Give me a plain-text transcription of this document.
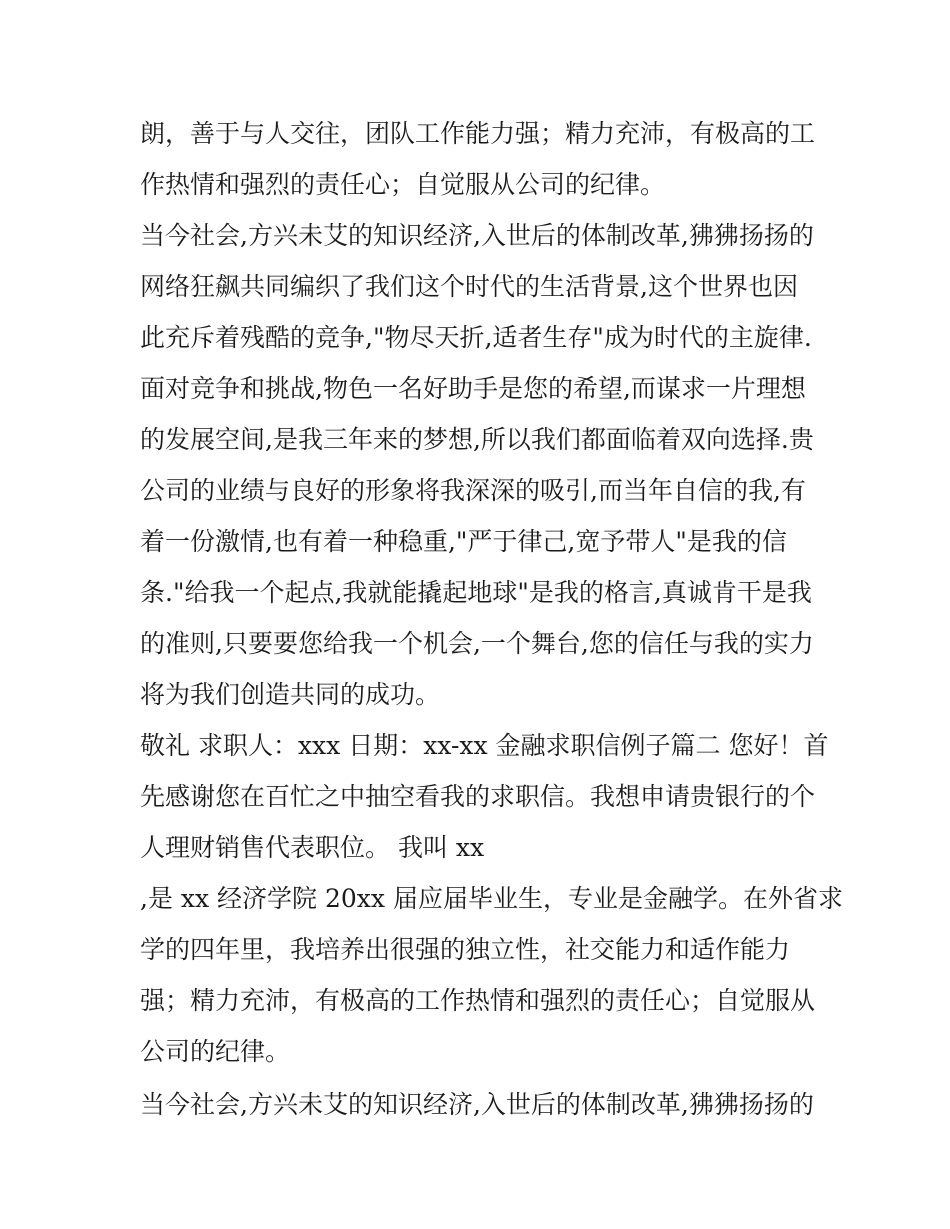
朗，善于与人交往，团队工作能力强；精力充沛，有极高的工
作热情和强烈的责任心；自觉服从公司的纪律。
当今社会,方兴未艾的知识经济,入世后的体制改革,狒狒扬扬的
网络狂飙共同编织了我们这个时代的生活背景,这个世界也因
此充斥着残酷的竞争,"物尽天折,适者生存"成为时代的主旋律.
面对竞争和挑战,物色一名好助手是您的希望,而谋求一片理想
的发展空间,是我三年来的梦想,所以我们都面临着双向选择.贵
公司的业绩与良好的形象将我深深的吸引,而当年自信的我,有
着一份激情,也有着一种稳重,"严于律己,宽予带人"是我的信
条."给我一个起点,我就能撬起地球"是我的格言,真诚肯干是我
的准则,只要要您给我一个机会,一个舞台,您的信任与我的实力
将为我们创造共同的成功。
敬礼 求职人：xxx 日期：xx-xx 金融求职信例子篇二 您好！首
先感谢您在百忙之中抽空看我的求职信。我想申请贵银行的个
人理财销售代表职位。 我叫 xx
,是 xx 经济学院 20xx 届应届毕业生，专业是金融学。在外省求
学的四年里，我培养出很强的独立性，社交能力和适作能力
强；精力充沛，有极高的工作热情和强烈的责任心；自觉服从
公司的纪律。
当今社会,方兴未艾的知识经济,入世后的体制改革,狒狒扬扬的
